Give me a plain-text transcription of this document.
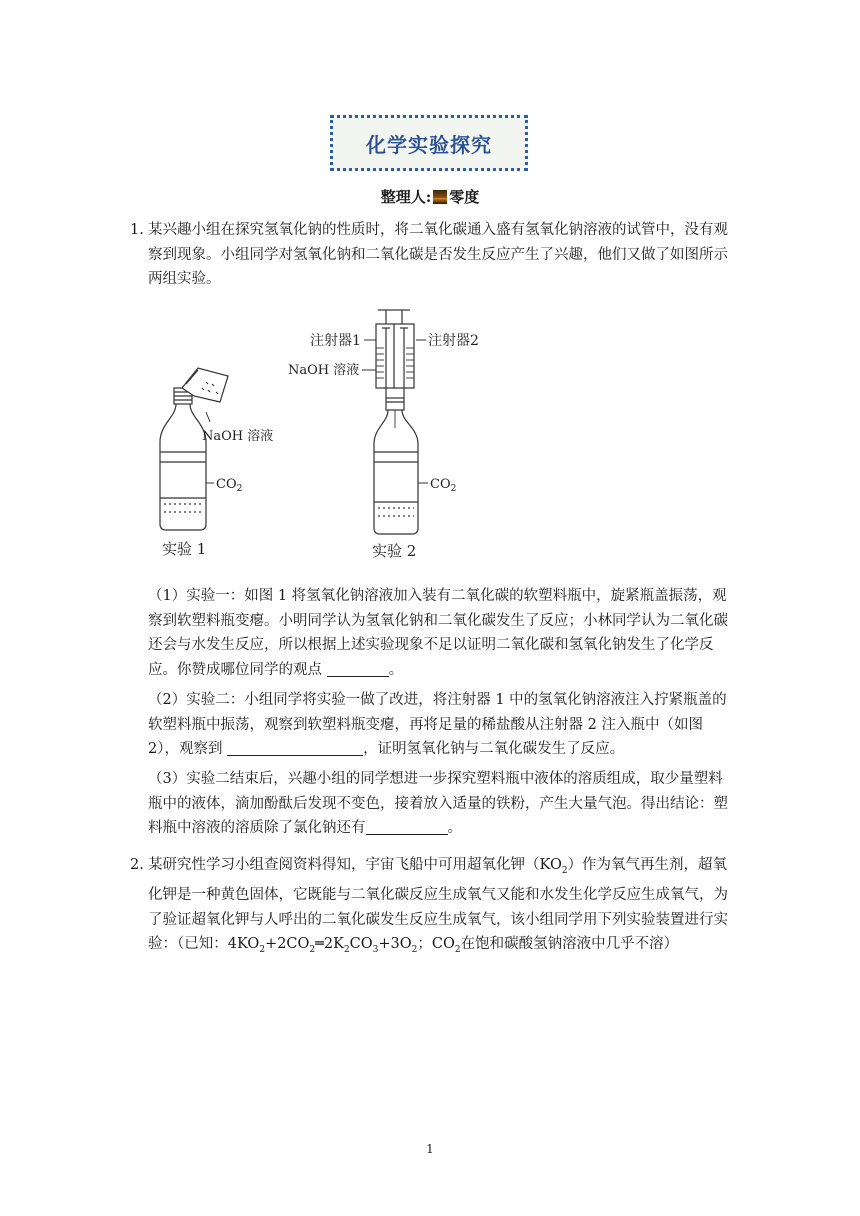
化学实验探究
整理人: 零度
1. 某兴趣小组在探究氢氧化钠的性质时，将二氧化碳通入盛有氢氧化钠溶液的试管中，没有观察到现象。小组同学对氢氧化钠和二氧化碳是否发生反应产生了兴趣，他们又做了如图所示两组实验。
NaOH 溶液
$CO_2$
实验 1
注射器1	注射器2
NaOH 溶液
$CO_2$
实验 2
（1）实验一：如图 1 将氢氧化钠溶液加入装有二氧化碳的软塑料瓶中，旋紧瓶盖振荡，观察到软塑料瓶变瘪。小明同学认为氢氧化钠和二氧化碳发生了反应；小林同学认为二氧化碳还会与水发生反应，所以根据上述实验现象不足以证明二氧化碳和氢氧化钠发生了化学反应。你赞成哪位同学的观点	。
（2）实验二：小组同学将实验一做了改进，将注射器 1 中的氢氧化钠溶液注入拧紧瓶盖的软塑料瓶中振荡，观察到软塑料瓶变瘪，再将足量的稀盐酸从注射器 2 注入瓶中（如图 2），观察到	，证明氢氧化钠与二氧化碳发生了反应。
（3）实验二结束后，兴趣小组的同学想进一步探究塑料瓶中液体的溶质组成，取少量塑料瓶中的液体，滴加酚酞后发现不变色，接着放入适量的铁粉，产生大量气泡。得出结论：塑料瓶中溶液的溶质除了氯化钠还有	。
2. 某研究性学习小组查阅资料得知，宇宙飞船中可用超氧化钾$(KO_2)$作为氧气再生剂，超氧化钾是一种黄色固体，它既能与二氧化碳反应生成氧气又能和水发生化学反应生成氧气，为了验证超氧化钾与人呼出的二氧化碳发生反应生成氧气，该小组同学用下列实验装置进行实验：（已知：$4KO_2+2CO_2═2K_2CO_3+3O_2$；$CO_2$在饱和碳酸氢钠溶液中几乎不溶）
1
